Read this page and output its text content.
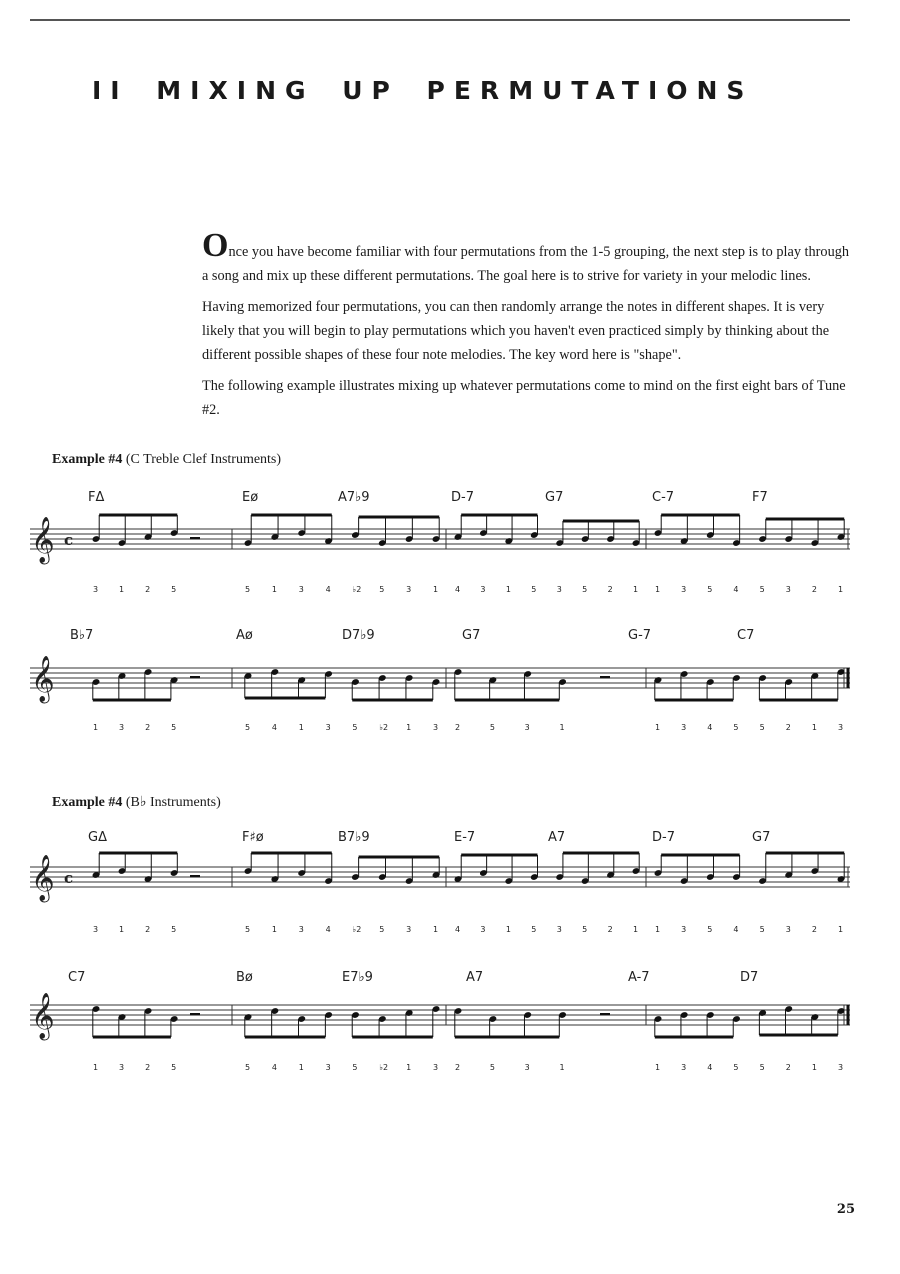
II MIXING UP PERMUTATIONS

Once you have become familiar with four permutations from the 1-5 grouping, the next step is to play through a song and mix up these different permutations. The goal here is to strive for variety in your melodic lines.

Having memorized four permutations, you can then randomly arrange the notes in different shapes. It is very likely that you will begin to play permutations which you haven't even practiced simply by thinking about the different possible shapes of these four note melodies. The key word here is "shape".

The following example illustrates mixing up whatever permutations come to mind on the first eight bars of Tune #2.

Example #4 (C Treble Clef Instruments)
Example #4 (B♭ Instruments)
𝄞 c
3	1	2	5	5	1	3	4	♭2 5	3	1 4	3	1	5	3	5	2	1 1	3	5	4	5	3	2	1
FΔ	Eø	A7♭9	D-7	G7	C-7	F7
𝄞
1	3	2	5	5	4	1	3	5	♭2 1	3 2	5	3	1	1	3	4	5	5	2	1	3
B♭7	Aø	D7♭9	G7	G-7	C7
𝄞 c
3	1	2	5	5	1	3	4	♭2 5	3	1 4	3	1	5	3	5	2	1 1	3	5	4	5	3	2	1
GΔ	F♯ø	B7♭9	E-7	A7	D-7	G7
𝄞
1	3	2	5	5	4	1	3	5	♭2 1	3 2	5	3	1	1	3	4	5	5	2	1	3
C7	Bø	E7♭9	A7	A-7	D7
25
